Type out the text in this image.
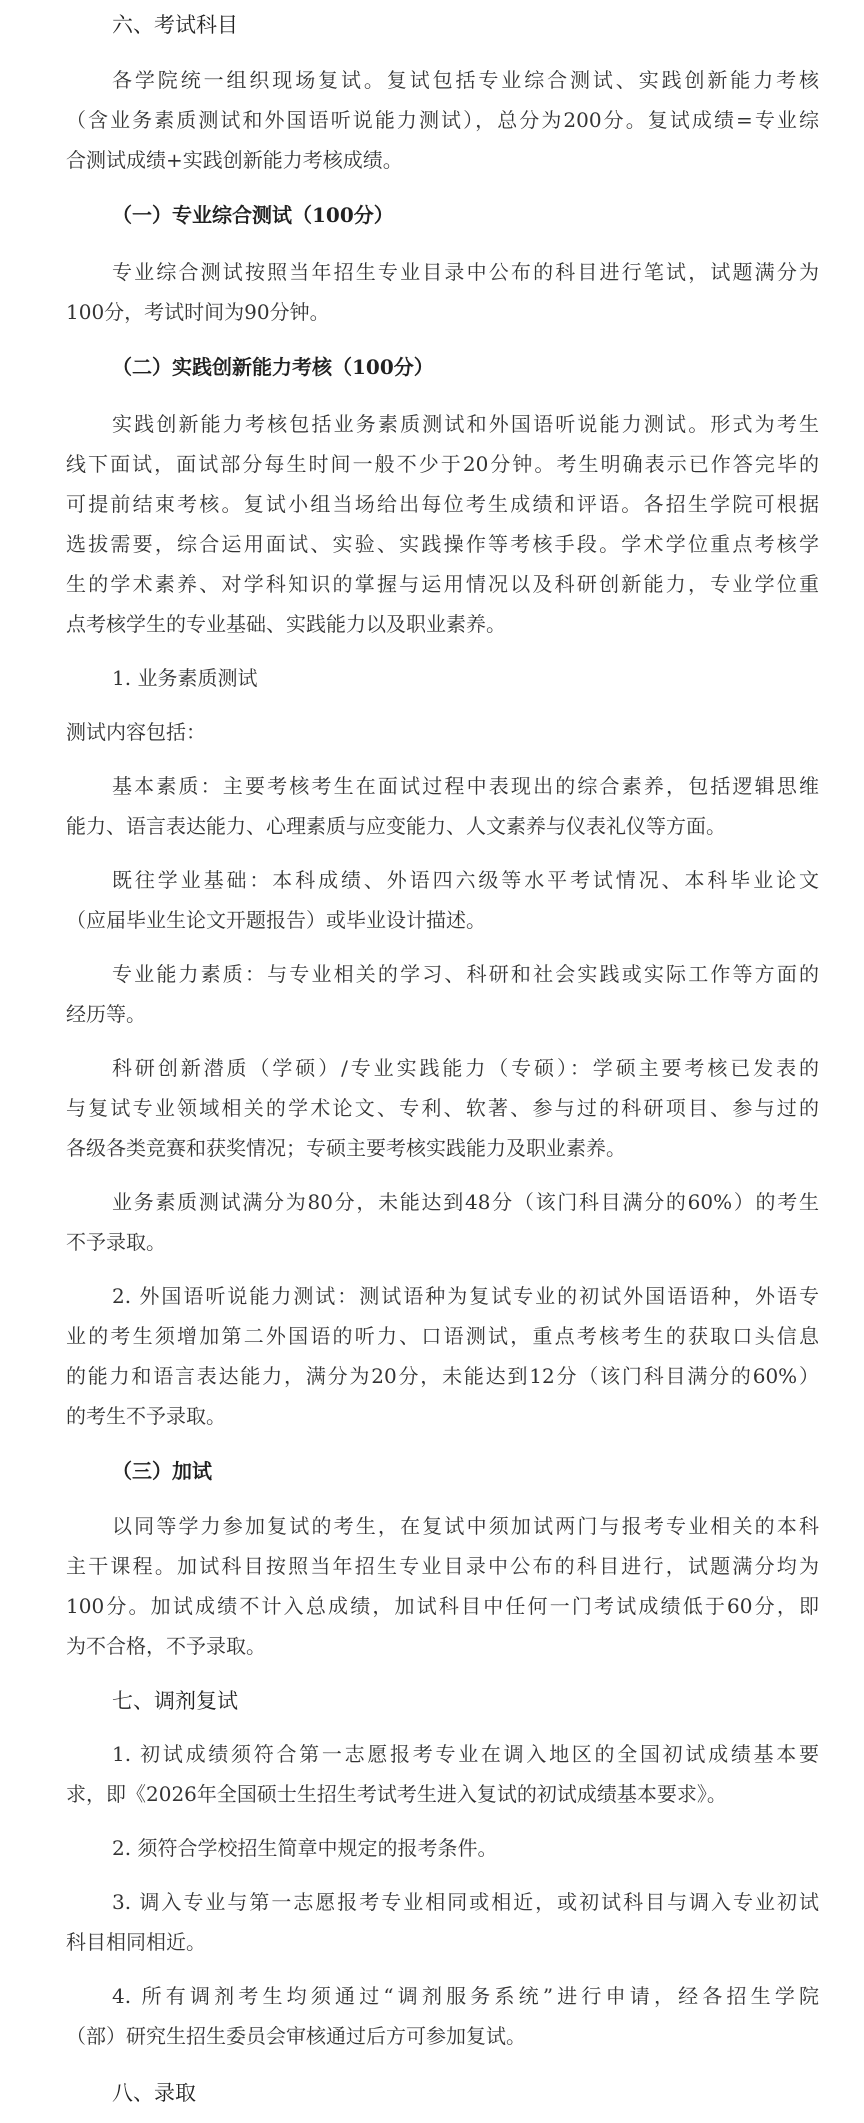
六、考试科目
各学院统一组织现场复试。复试包括专业综合测试、实践创新能力考核
（含业务素质测试和外国语听说能力测试），总分为200分。复试成绩=专业综
合测试成绩+实践创新能力考核成绩。
（一）专业综合测试（100分）
专业综合测试按照当年招生专业目录中公布的科目进行笔试，试题满分为
100分，考试时间为90分钟。
（二）实践创新能力考核（100分）
实践创新能力考核包括业务素质测试和外国语听说能力测试。形式为考生
线下面试，面试部分每生时间一般不少于20分钟。考生明确表示已作答完毕的
可提前结束考核。复试小组当场给出每位考生成绩和评语。各招生学院可根据
选拔需要，综合运用面试、实验、实践操作等考核手段。学术学位重点考核学
生的学术素养、对学科知识的掌握与运用情况以及科研创新能力，专业学位重
点考核学生的专业基础、实践能力以及职业素养。
1. 业务素质测试
测试内容包括：
基本素质：主要考核考生在面试过程中表现出的综合素养，包括逻辑思维
能力、语言表达能力、心理素质与应变能力、人文素养与仪表礼仪等方面。
既往学业基础：本科成绩、外语四六级等水平考试情况、本科毕业论文
（应届毕业生论文开题报告）或毕业设计描述。
专业能力素质：与专业相关的学习、科研和社会实践或实际工作等方面的
经历等。
科研创新潜质（学硕）/专业实践能力（专硕）：学硕主要考核已发表的
与复试专业领域相关的学术论文、专利、软著、参与过的科研项目、参与过的
各级各类竞赛和获奖情况；专硕主要考核实践能力及职业素养。
业务素质测试满分为80分，未能达到48分（该门科目满分的60%）的考生
不予录取。
2. 外国语听说能力测试：测试语种为复试专业的初试外国语语种，外语专
业的考生须增加第二外国语的听力、口语测试，重点考核考生的获取口头信息
的能力和语言表达能力，满分为20分，未能达到12分（该门科目满分的60%）
的考生不予录取。
（三）加试
以同等学力参加复试的考生，在复试中须加试两门与报考专业相关的本科
主干课程。加试科目按照当年招生专业目录中公布的科目进行，试题满分均为
100分。加试成绩不计入总成绩，加试科目中任何一门考试成绩低于60分，即
为不合格，不予录取。
七、调剂复试
1. 初试成绩须符合第一志愿报考专业在调入地区的全国初试成绩基本要
求，即《2026年全国硕士生招生考试考生进入复试的初试成绩基本要求》。
2. 须符合学校招生简章中规定的报考条件。
3. 调入专业与第一志愿报考专业相同或相近，或初试科目与调入专业初试
科目相同相近。
4. 所有调剂考生均须通过“调剂服务系统”进行申请，经各招生学院
（部）研究生招生委员会审核通过后方可参加复试。
八、录取
